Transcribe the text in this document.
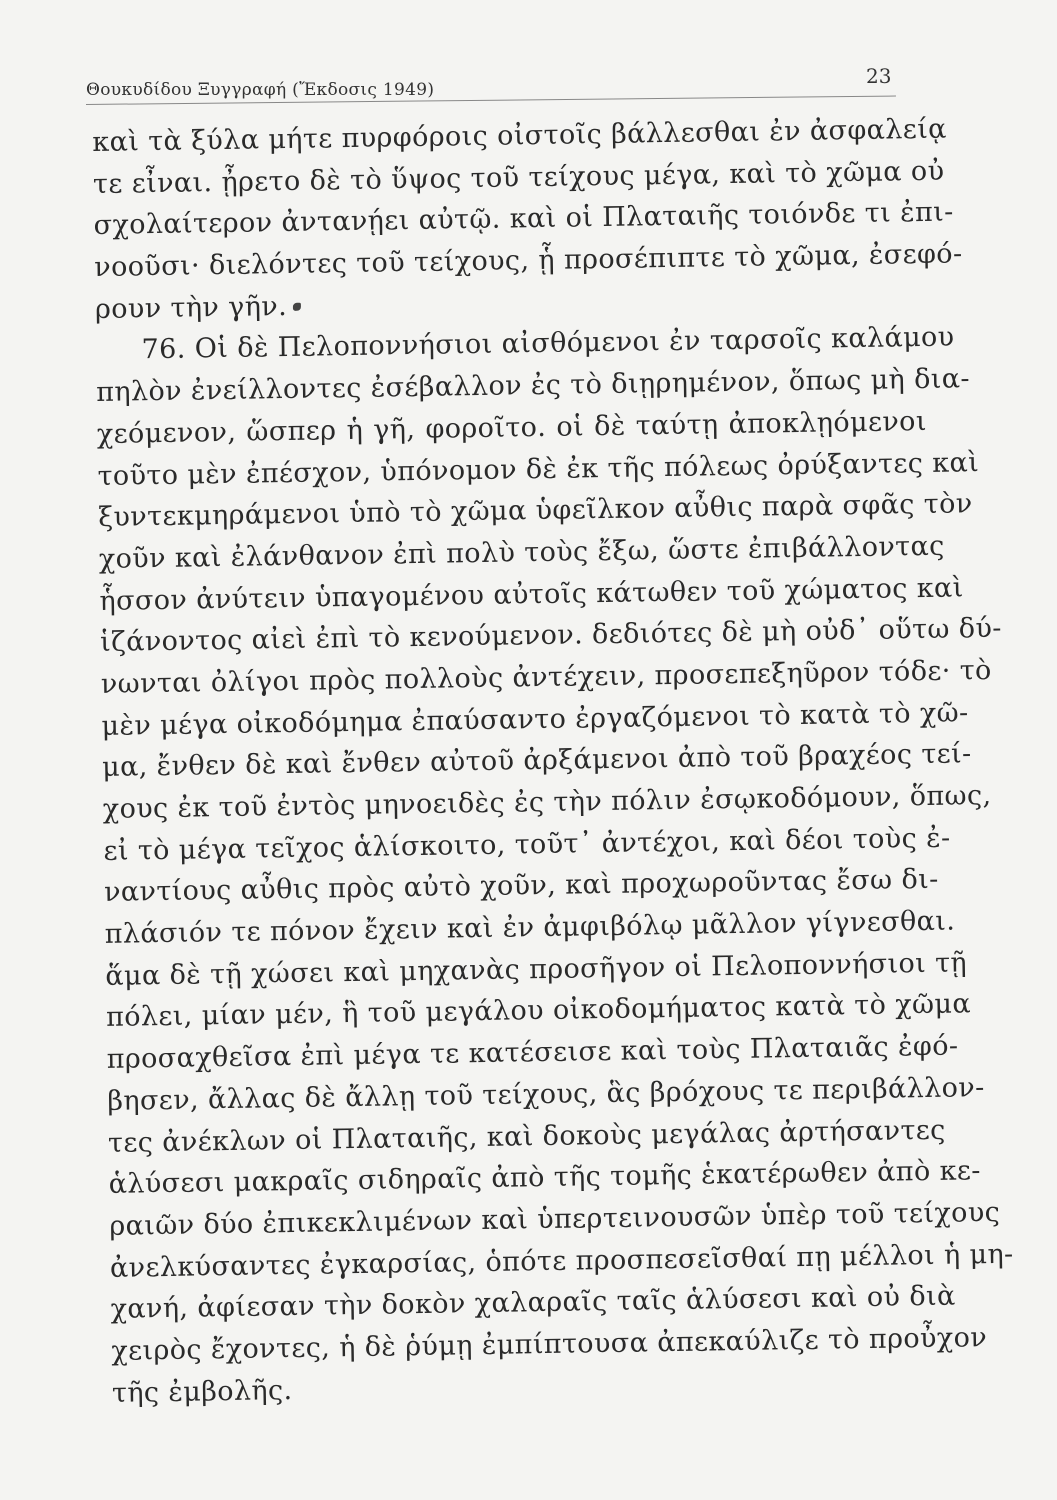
Θουκυδίδου Ξυγγραφή (Ἔκδοσις 1949)
23
καὶ τὰ ξύλα μήτε πυρφόροις οἰστοῖς βάλλεσθαι ἐν ἀσφαλείᾳ
τε εἶναι. ᾖρετο δὲ τὸ ὕψος τοῦ τείχους μέγα, καὶ τὸ χῶμα οὐ
σχολαίτερον ἀντανῄει αὐτῷ. καὶ οἱ Πλαταιῆς τοιόνδε τι ἐπι-
νοοῦσι· διελόντες τοῦ τείχους, ᾗ προσέπιπτε τὸ χῶμα, ἐσεφό-
ρουν τὴν γῆν.
76. Οἱ δὲ Πελοποννήσιοι αἰσθόμενοι ἐν ταρσοῖς καλάμου
πηλὸν ἐνείλλοντες ἐσέβαλλον ἐς τὸ διῃρημένον, ὅπως μὴ δια-
χεόμενον, ὥσπερ ἡ γῆ, φοροῖτο. οἱ δὲ ταύτῃ ἀποκλῃόμενοι
τοῦτο μὲν ἐπέσχον, ὑπόνομον δὲ ἐκ τῆς πόλεως ὀρύξαντες καὶ
ξυντεκμηράμενοι ὑπὸ τὸ χῶμα ὑφεῖλκον αὖθις παρὰ σφᾶς τὸν
χοῦν καὶ ἐλάνθανον ἐπὶ πολὺ τοὺς ἔξω, ὥστε ἐπιβάλλοντας
ἧσσον ἀνύτειν ὑπαγομένου αὐτοῖς κάτωθεν τοῦ χώματος καὶ
ἱζάνοντος αἰεὶ ἐπὶ τὸ κενούμενον. δεδιότες δὲ μὴ οὐδ᾽ οὕτω δύ-
νωνται ὀλίγοι πρὸς πολλοὺς ἀντέχειν, προσεπεξηῦρον τόδε· τὸ
μὲν μέγα οἰκοδόμημα ἐπαύσαντο ἐργαζόμενοι τὸ κατὰ τὸ χῶ-
μα, ἔνθεν δὲ καὶ ἔνθεν αὐτοῦ ἀρξάμενοι ἀπὸ τοῦ βραχέος τεί-
χους ἐκ τοῦ ἐντὸς μηνοειδὲς ἐς τὴν πόλιν ἐσῳκοδόμουν, ὅπως,
εἰ τὸ μέγα τεῖχος ἁλίσκοιτο, τοῦτ᾽ ἀντέχοι, καὶ δέοι τοὺς ἐ-
ναντίους αὖθις πρὸς αὐτὸ χοῦν, καὶ προχωροῦντας ἔσω δι-
πλάσιόν τε πόνον ἔχειν καὶ ἐν ἀμφιβόλῳ μᾶλλον γίγνεσθαι.
ἅμα δὲ τῇ χώσει καὶ μηχανὰς προσῆγον οἱ Πελοποννήσιοι τῇ
πόλει, μίαν μέν, ἣ τοῦ μεγάλου οἰκοδομήματος κατὰ τὸ χῶμα
προσαχθεῖσα ἐπὶ μέγα τε κατέσεισε καὶ τοὺς Πλαταιᾶς ἐφό-
βησεν, ἄλλας δὲ ἄλλῃ τοῦ τείχους, ἃς βρόχους τε περιβάλλον-
τες ἀνέκλων οἱ Πλαταιῆς, καὶ δοκοὺς μεγάλας ἀρτήσαντες
ἁλύσεσι μακραῖς σιδηραῖς ἀπὸ τῆς τομῆς ἑκατέρωθεν ἀπὸ κε-
ραιῶν δύο ἐπικεκλιμένων καὶ ὑπερτεινουσῶν ὑπὲρ τοῦ τείχους
ἀνελκύσαντες ἐγκαρσίας, ὁπότε προσπεσεῖσθαί πῃ μέλλοι ἡ μη-
χανή, ἀφίεσαν τὴν δοκὸν χαλαραῖς ταῖς ἁλύσεσι καὶ οὐ διὰ
χειρὸς ἔχοντες, ἡ δὲ ῥύμῃ ἐμπίπτουσα ἀπεκαύλιζε τὸ προὖχον
τῆς ἐμβολῆς.
